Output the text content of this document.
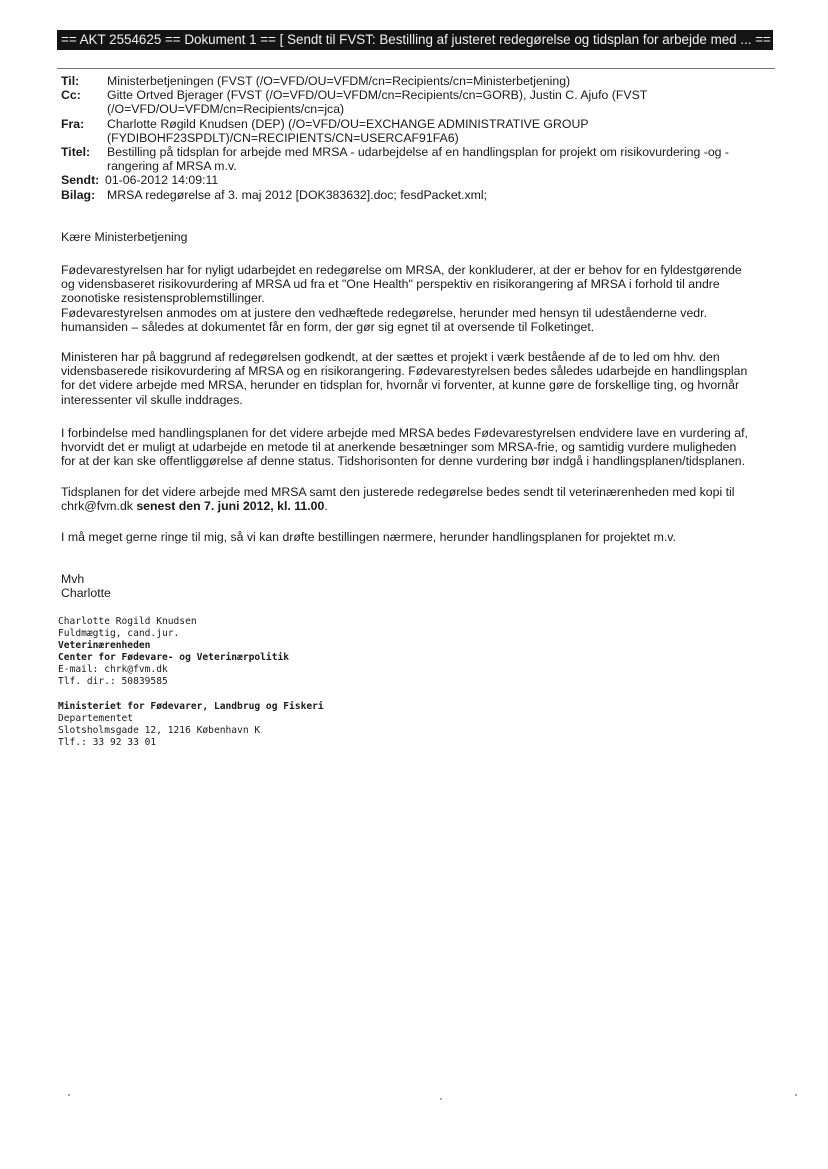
== AKT 2554625 == Dokument 1 == [ Sendt til FVST: Bestilling af justeret redegørelse og tidsplan for arbejde med ... ==
Til:	Ministerbetjeningen (FVST (/O=VFD/OU=VFDM/cn=Recipients/cn=Ministerbetjening)
Cc:	Gitte Ortved Bjerager (FVST (/O=VFD/OU=VFDM/cn=Recipients/cn=GORB), Justin C. Ajufo (FVST
(/O=VFD/OU=VFDM/cn=Recipients/cn=jca)
Fra:	Charlotte Røgild Knudsen (DEP) (/O=VFD/OU=EXCHANGE ADMINISTRATIVE GROUP
(FYDIBOHF23SPDLT)/CN=RECIPIENTS/CN=USERCAF91FA6)
Titel:	Bestilling på tidsplan for arbejde med MRSA - udarbejdelse af en handlingsplan for projekt om risikovurdering -og -
rangering af MRSA m.v.
Sendt: 01-06-2012 14:09:11
Bilag: MRSA redegørelse af 3. maj 2012 [DOK383632].doc; fesdPacket.xml;

Kære Ministerbetjening

Fødevarestyrelsen har for nyligt udarbejdet en redegørelse om MRSA, der konkluderer, at der er behov for en fyldestgørende

og vidensbaseret risikovurdering af MRSA ud fra et "One Health" perspektiv en risikorangering af MRSA i forhold til andre

zoonotiske resistensproblemstillinger.

Fødevarestyrelsen anmodes om at justere den vedhæftede redegørelse, herunder med hensyn til udeståenderne vedr.

humansiden – således at dokumentet får en form, der gør sig egnet til at oversende til Folketinget.

Ministeren har på baggrund af redegørelsen godkendt, at der sættes et projekt i værk bestående af de to led om hhv. den

vidensbaserede risikovurdering af MRSA og en risikorangering. Fødevarestyrelsen bedes således udarbejde en handlingsplan

for det videre arbejde med MRSA, herunder en tidsplan for, hvornår vi forventer, at kunne gøre de forskellige ting, og hvornår

interessenter vil skulle inddrages.

I forbindelse med handlingsplanen for det videre arbejde med MRSA bedes Fødevarestyrelsen endvidere lave en vurdering af,

hvorvidt det er muligt at udarbejde en metode til at anerkende besætninger som MRSA-frie, og samtidig vurdere muligheden

for at der kan ske offentliggørelse af denne status. Tidshorisonten for denne vurdering bør indgå i handlingsplanen/tidsplanen.

Tidsplanen for det videre arbejde med MRSA samt den justerede redegørelse bedes sendt til veterinærenheden med kopi til

chrk@fvm.dk senest den 7. juni 2012, kl. 11.00.

I må meget gerne ringe til mig, så vi kan drøfte bestillingen nærmere, herunder handlingsplanen for projektet m.v.

Mvh

Charlotte

Charlotte Rogild Knudsen
Fuldmægtig, cand.jur.
Veterinærenheden
Center for Fødevare- og Veterinærpolitik
E-mail: chrk@fvm.dk
Tlf. dir.: 50839585
Ministeriet for Fødevarer, Landbrug og Fiskeri
Departementet
Slotsholmsgade 12, 1216 København K
Tlf.: 33 92 33 01
